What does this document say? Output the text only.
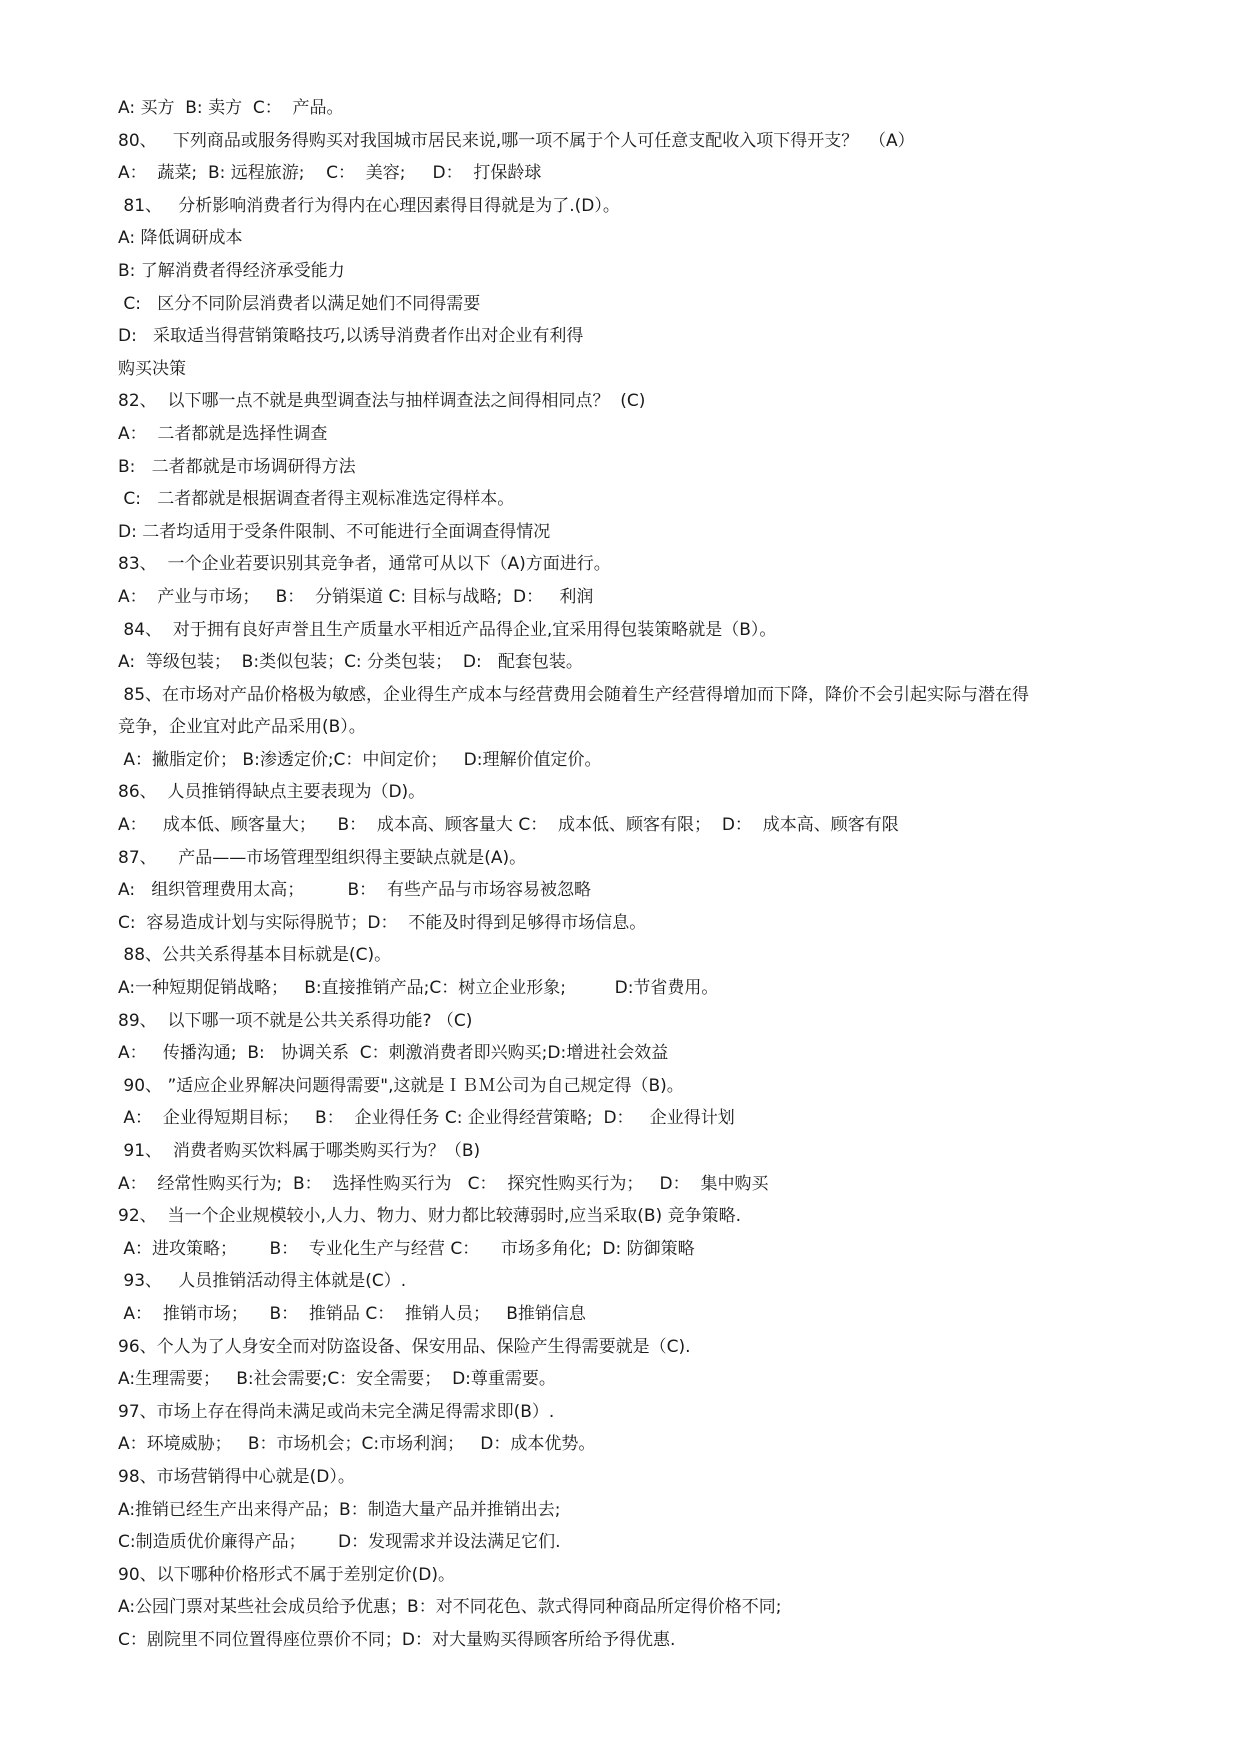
A: 买方  B: 卖方  C：  产品。
80、   下列商品或服务得购买对我国城市居民来说,哪一项不属于个人可任意支配收入项下得开支？  （A）
A：  蔬菜;  B: 远程旅游;    C：  美容;     D：  打保龄球
81、   分析影响消费者行为得内在心理因素得目得就是为了.(D）。
A: 降低调研成本
B: 了解消费者得经济承受能力
C:   区分不同阶层消费者以满足她们不同得需要
D:   采取适当得营销策略技巧,以诱导消费者作出对企业有利得
购买决策
82、  以下哪一点不就是典型调查法与抽样调查法之间得相同点？  (C)
A：  二者都就是选择性调查
B:   二者都就是市场调研得方法
C:   二者都就是根据调查者得主观标准选定得样本。
D: 二者均适用于受条件限制、不可能进行全面调查得情况
83、  一个企业若要识别其竞争者，通常可从以下（A)方面进行。
A：  产业与市场；   B：  分销渠道 C: 目标与战略;  D：   利润
84、  对于拥有良好声誉且生产质量水平相近产品得企业,宜采用得包装策略就是（B）。
A:  等级包装；  B:类似包装；C: 分类包装；  D:   配套包装。
85、在市场对产品价格极为敏感，企业得生产成本与经营费用会随着生产经营得增加而下降，降价不会引起实际与潜在得
竞争，企业宜对此产品采用(B）。
A：撇脂定价； B:渗透定价;C：中间定价；   D:理解价值定价。
86、  人员推销得缺点主要表现为（D)。
A：   成本低、顾客量大；    B：  成本高、顾客量大 C：  成本低、顾客有限；  D：  成本高、顾客有限
87、    产品——市场管理型组织得主要缺点就是(A)。
A:   组织管理费用太高；        B：  有些产品与市场容易被忽略
C:  容易造成计划与实际得脱节；D：  不能及时得到足够得市场信息。
88、公共关系得基本目标就是(C)。
A:一种短期促销战略；   B:直接推销产品;C：树立企业形象;         D:节省费用。
89、  以下哪一项不就是公共关系得功能? （C)
A：   传播沟通;  B:   协调关系  C：刺激消费者即兴购买;D:增进社会效益
90、 ”适应企业界解决问题得需要",这就是ＩＢＭ公司为自己规定得（B)。
A：  企业得短期目标；   B：  企业得任务 C: 企业得经营策略;  D：   企业得计划
91、  消费者购买饮料属于哪类购买行为？（B)
A：  经常性购买行为;  B：  选择性购买行为   C：  探究性购买行为；   D：  集中购买
92、  当一个企业规模较小,人力、物力、财力都比较薄弱时,应当采取(B) 竞争策略.
A：进攻策略；      B：  专业化生产与经营 C：    市场多角化;  D: 防御策略
93、   人员推销活动得主体就是(C）.
A：  推销市场；    B：  推销品 C：  推销人员；   B推销信息
96、个人为了人身安全而对防盗设备、保安用品、保险产生得需要就是（C).
A:生理需要；   B:社会需要;C：安全需要；  D:尊重需要。
97、市场上存在得尚未满足或尚未完全满足得需求即(B）.
A：环境威胁；   B：市场机会；C:市场利润；   D：成本优势。
98、市场营销得中心就是(D）。
A:推销已经生产出来得产品；B：制造大量产品并推销出去;
C:制造质优价廉得产品；      D：发现需求并设法满足它们.
90、以下哪种价格形式不属于差别定价(D)。
A:公园门票对某些社会成员给予优惠；B：对不同花色、款式得同种商品所定得价格不同;
C：剧院里不同位置得座位票价不同；D：对大量购买得顾客所给予得优惠.
